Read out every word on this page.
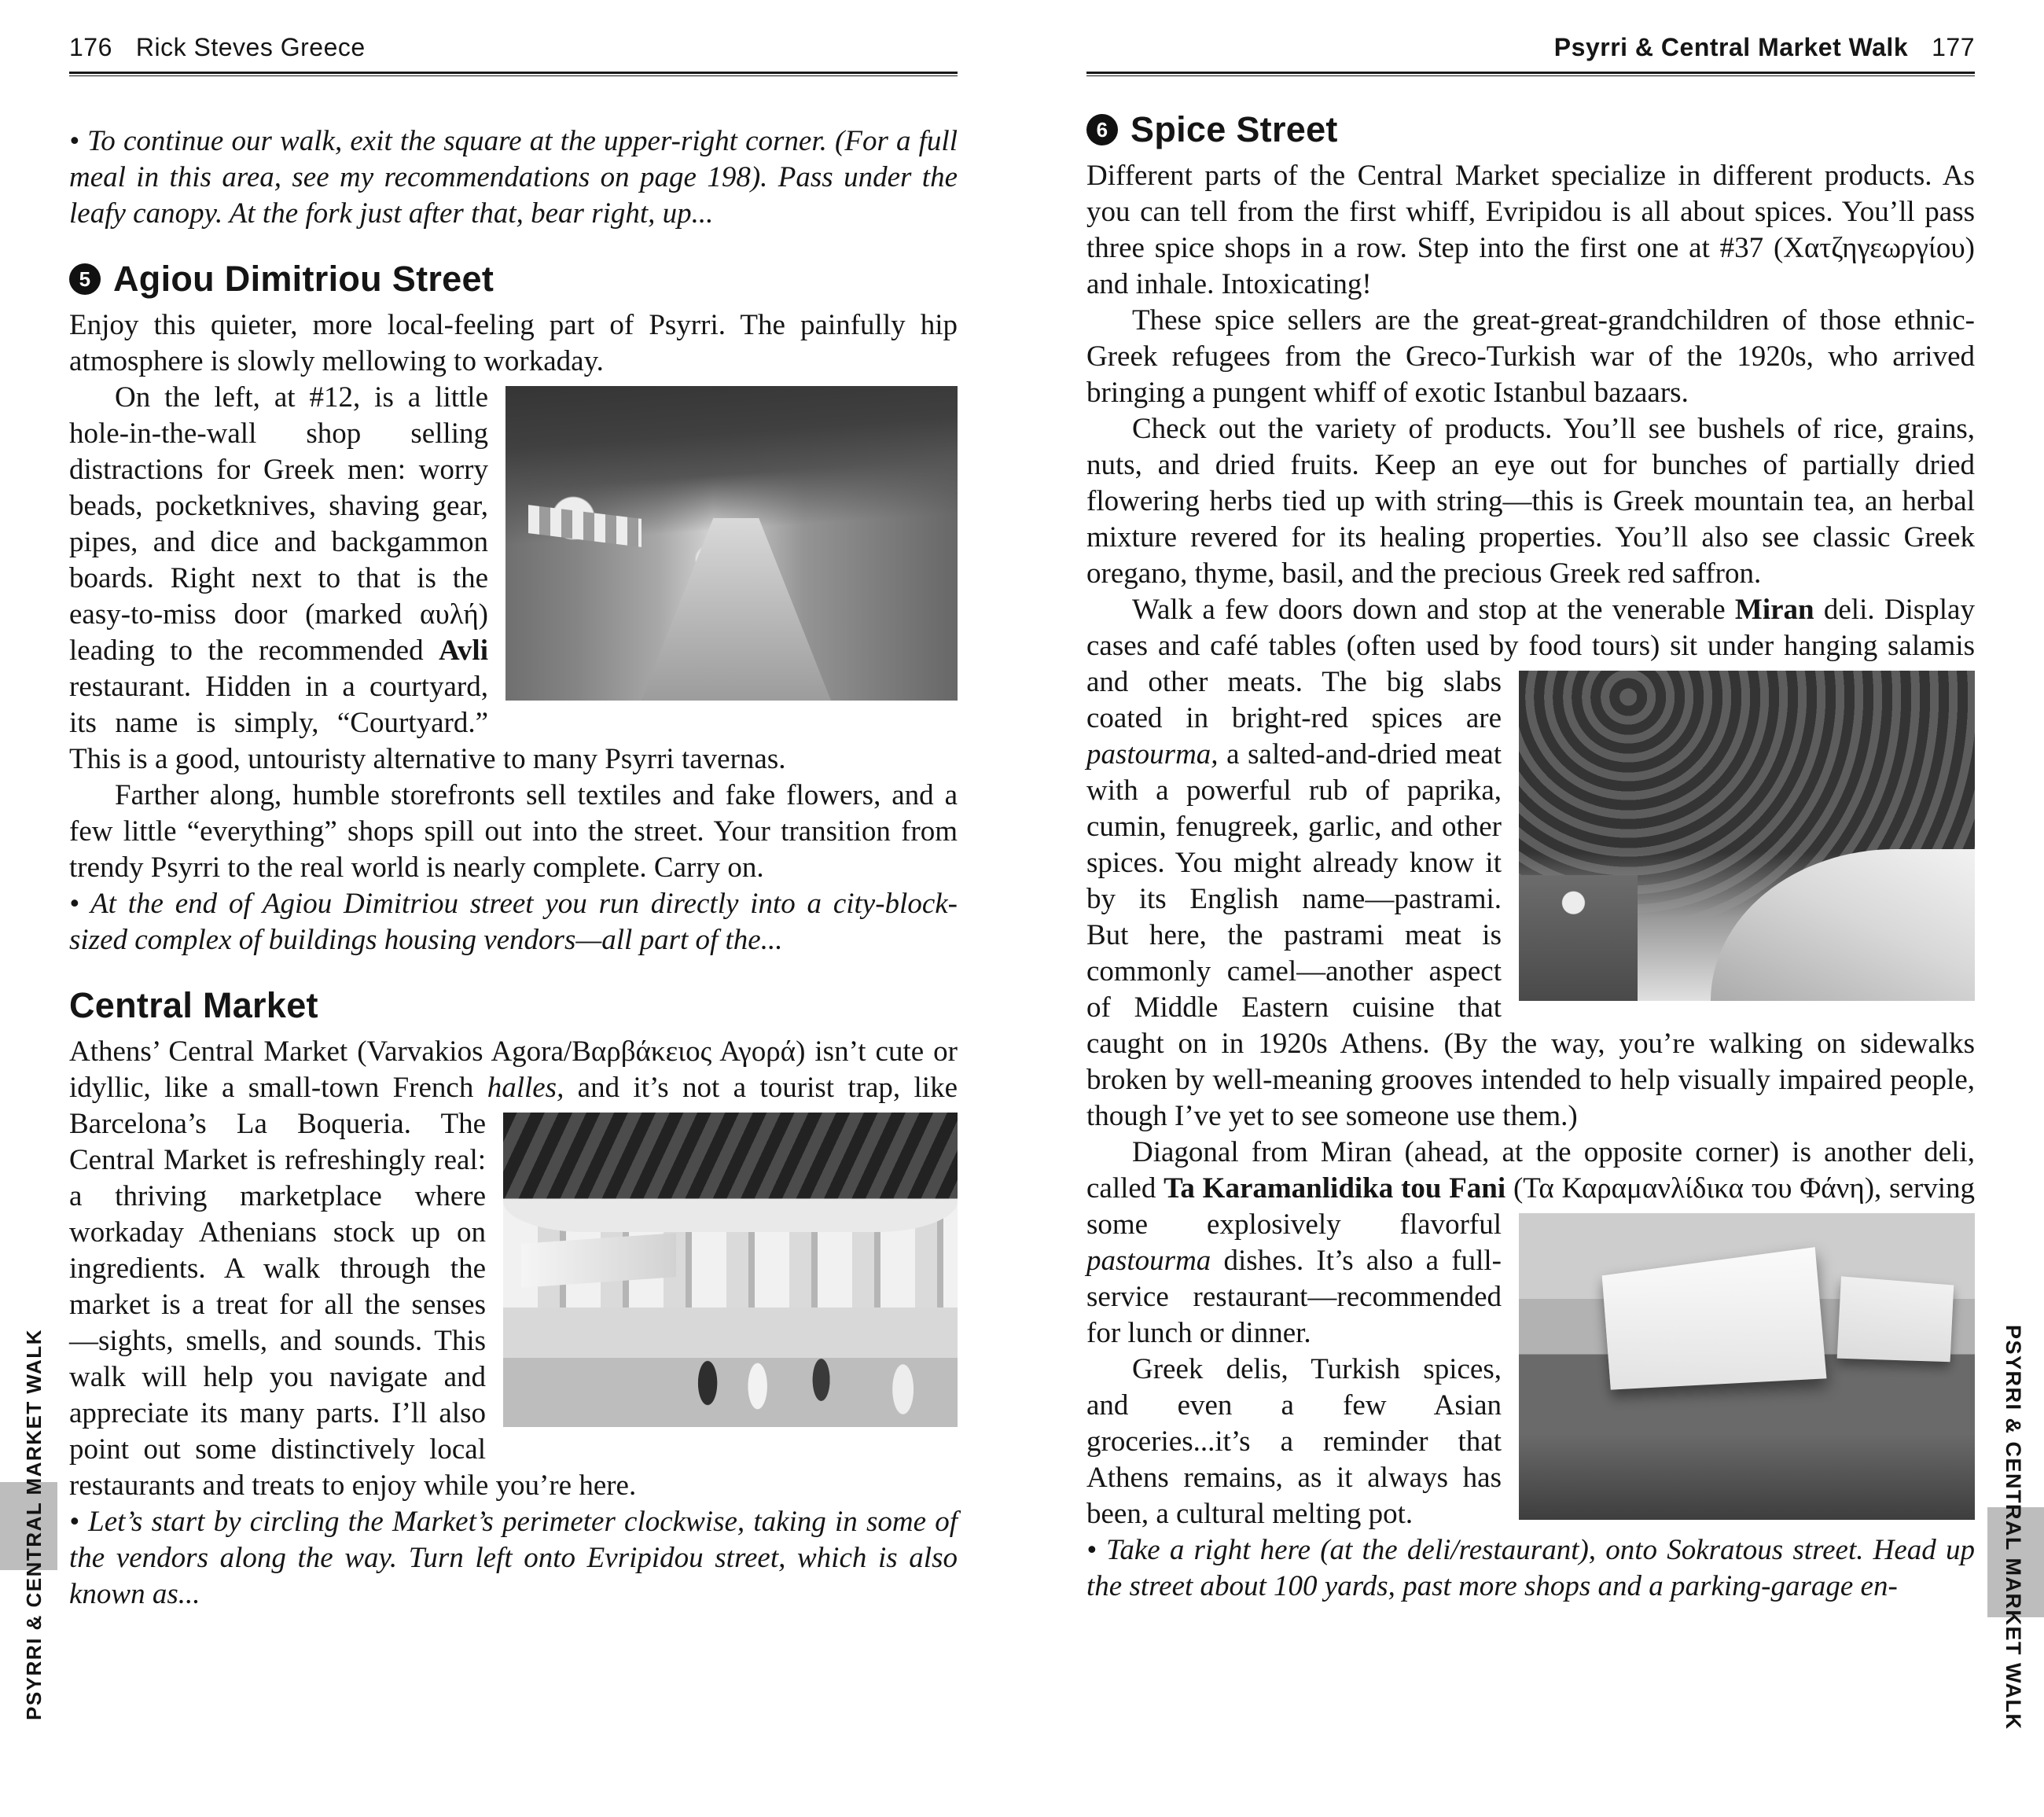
176 Rick Steves Greece

• To continue our walk, exit the square at the upper-right corner. (For a full meal in this area, see my recommendations on page 198). Pass under the leafy canopy. At the fork just after that, bear right, up...

5 Agiou Dimitriou Street

Enjoy this quieter, more local-feeling part of Psyrri. The painfully hip atmosphere is slowly mellowing to workaday.

On the left, at #12, is a little hole-in-the-wall shop selling distractions for Greek men: worry beads, pocketknives, shaving gear, pipes, and dice and backgammon boards. Right next to that is the easy-to-miss door (marked αυλή) leading to the recommended Avli restaurant. Hidden in a courtyard, its name is simply, “Courtyard.” This is a good, untouristy alternative to many Psyrri tavernas.

Farther along, humble storefronts sell textiles and fake flowers, and a few little “everything” shops spill out into the street. Your transition from trendy Psyrri to the real world is nearly complete. Carry on.

• At the end of Agiou Dimitriou street you run directly into a city-block-sized complex of buildings housing vendors—all part of the...

Central Market

Athens’ Central Market (Varvakios Agora/Βαρβάκειος Αγορά) isn’t cute or idyllic, like a small-town French halles, and it’s not a
tourist trap, like Barcelona’s La Boqueria. The Central Market is refreshingly real: a thriving marketplace where workaday Athenians stock up on ingredients. A walk through the market is a treat for all the senses—sights, smells, and sounds. This walk will help you navigate and appreciate its many parts. I’ll also point out some distinctively local restaurants and treats to enjoy while you’re here.

• Let’s start by circling the Market’s perimeter clockwise, taking in some of the vendors along the way. Turn left onto Evripidou street, which is also known as...

Psyrri & Central Market Walk 177
6 Spice Street

Different parts of the Central Market specialize in different products. As you can tell from the first whiff, Evripidou is all about spices. You’ll pass three spice shops in a row. Step into the first one at #37 (Χατζηγεωργίου) and inhale. Intoxicating!

These spice sellers are the great-great-grandchildren of those ethnic-Greek refugees from the Greco-Turkish war of the 1920s, who arrived bringing a pungent whiff of exotic Istanbul bazaars.

Check out the variety of products. You’ll see bushels of rice, grains, nuts, and dried fruits. Keep an eye out for bunches of partially dried flowering herbs tied up with string—this is Greek mountain tea, an herbal mixture revered for its healing properties. You’ll also see classic Greek oregano, thyme, basil, and the precious Greek red saffron.

Walk a few doors down and stop at the venerable Miran deli. Display cases and café tables (often used by food tours) sit under
hanging salamis and other meats. The big slabs coated in bright-red spices are pastourma, a salted-and-dried meat with a powerful rub of paprika, cumin, fenugreek, garlic, and other spices. You might already know it by its English name—pastrami. But here, the pastrami meat is commonly camel—another aspect of Middle Eastern cuisine that caught on in 1920s Athens. (By the way, you’re walking on sidewalks broken by well-meaning grooves intended to help visually impaired people, though I’ve yet to see someone use them.)

Diagonal from Miran (ahead, at the opposite corner) is another deli, called Ta Karamanlidika tou Fani (Τα Καραμανλίδικα
του Φάνη), serving some explosively flavorful pastourma dishes. It’s also a full-service restaurant—recommended for lunch or dinner.

Greek delis, Turkish spices, and even a few Asian groceries...it’s a reminder that Athens remains, as it always has been, a cultural melting pot.

• Take a right here (at the deli/restaurant), onto Sokratous street. Head up the street about 100 yards, past more shops and a parking-garage en-

PSYRRI & CENTRAL MARKET WALK	PSYRRI & CENTRAL MARKET WALK
